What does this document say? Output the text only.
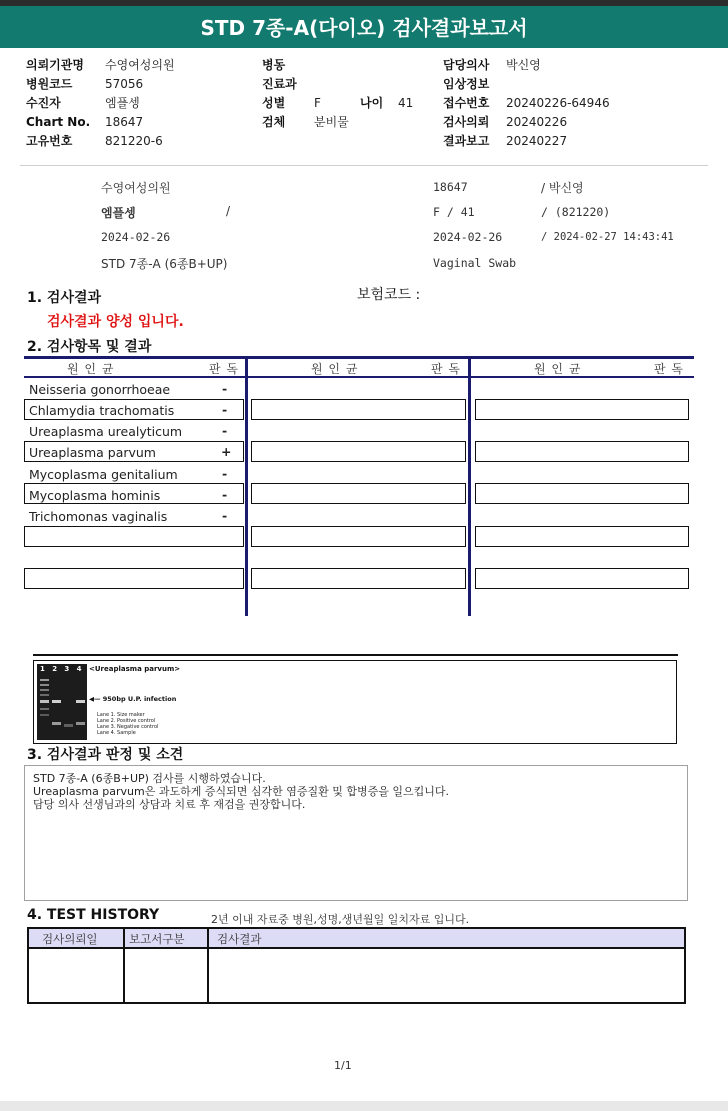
STD 7종-A(다이오) 검사결과보고서
의뢰기관명 수영여성의원
병원코드	57056
수진자	엠플셍
Chart No. 18647
고유번호	821220-6
병동
진료과
성별 F	나이 41
검체 분비물
담당의사 박신영
임상정보
접수번호 20240226-64946
검사의뢰 20240226
결과보고 20240227
수영여성의원	18647	/ 박신영
엠플셍	/	F / 41	/ (821220)
2024-02-26	2024-02-26	/ 2024-02-27 14:43:41
STD 7종-A (6종B+UP)	Vaginal Swab
1. 검사결과	보험코드 :
검사결과 양성 입니다.
2. 검사항목 및 결과
원 인 균	판 독	원 인 균	판 독	원 인 균	판 독
Neisseria gonorrhoeae	-
Chlamydia trachomatis	-
Ureaplasma urealyticum	-
Ureaplasma parvum	+
Mycoplasma genitalium	-
Mycoplasma hominis	-
Trichomonas vaginalis	-
1 2 3 4 <Ureaplasma parvum>
◀— 950bp U.P. infection
Lane 1. Size maker
Lane 2. Positive control
Lane 3. Negative control
Lane 4. Sample
3. 검사결과 판정 및 소견
STD 7종-A (6종B+UP) 검사를 시행하였습니다.
Ureaplasma parvum은 과도하게 증식되면 심각한 염증질환 및 합병증을 일으킵니다.
담당 의사 선생님과의 상담과 치료 후 재검을 권장합니다.
4. TEST HISTORY	2년 이내 자료중 병원,성명,생년월일 일치자료 입니다.
검사의뢰일	보고서구분	검사결과
1/1
